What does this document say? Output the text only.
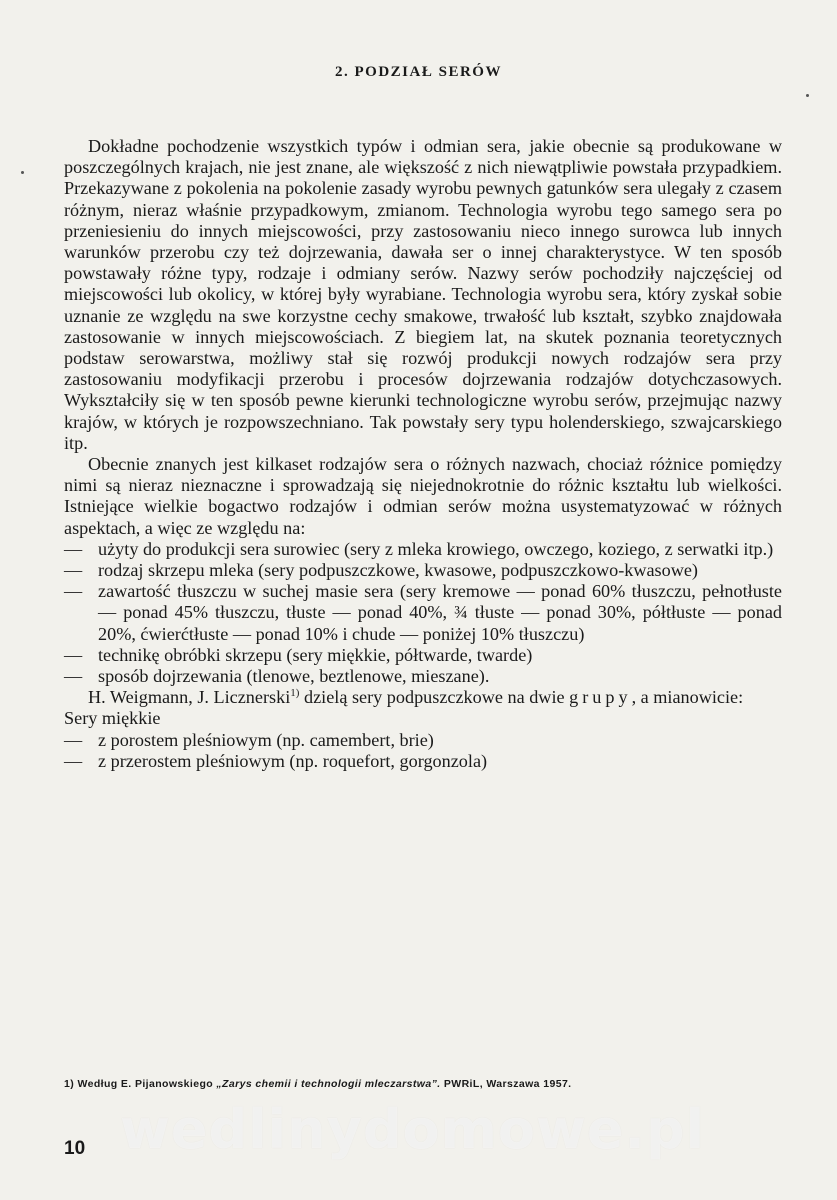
2. PODZIAŁ SERÓW

Dokładne pochodzenie wszystkich typów i odmian sera, jakie obecnie są produkowane w poszczególnych krajach, nie jest znane, ale większość z nich niewątpliwie powstała przypadkiem. Przekazywane z pokolenia na pokolenie zasady wyrobu pewnych gatunków sera ulegały z czasem różnym, nieraz właśnie przypadkowym, zmianom. Technologia wyrobu tego samego sera po przeniesieniu do innych miejscowości, przy zastosowaniu nieco innego surowca lub innych warunków przerobu czy też dojrzewania, dawała ser o innej charakterystyce. W ten sposób powstawały różne typy, rodzaje i odmiany serów. Nazwy serów pochodziły najczęściej od miejscowości lub okolicy, w której były wyrabiane. Technologia wyrobu sera, który zyskał sobie uznanie ze względu na swe korzystne cechy smakowe, trwałość lub kształt, szybko znajdowała zastosowanie w innych miejscowościach. Z biegiem lat, na skutek poznania teoretycznych podstaw serowarstwa, możliwy stał się rozwój produkcji nowych rodzajów sera przy zastosowaniu modyfikacji przerobu i procesów dojrzewania rodzajów dotychczasowych. Wykształciły się w ten sposób pewne kierunki technologiczne wyrobu serów, przejmując nazwy krajów, w których je rozpowszechniano. Tak powstały sery typu holenderskiego, szwajcarskiego itp.

Obecnie znanych jest kilkaset rodzajów sera o różnych nazwach, chociaż różnice pomiędzy nimi są nieraz nieznaczne i sprowadzają się niejednokrotnie do różnic kształtu lub wielkości. Istniejące wielkie bogactwo rodzajów i odmian serów można usystematyzować w różnych aspektach, a więc ze względu na:

— użyty do produkcji sera surowiec (sery z mleka krowiego, owczego, koziego, z serwatki itp.)
— rodzaj skrzepu mleka (sery podpuszczkowe, kwasowe, podpuszczkowo-kwasowe)
— zawartość tłuszczu w suchej masie sera (sery kremowe — ponad 60% tłuszczu, pełnotłuste — ponad 45% tłuszczu, tłuste — ponad 40%, ¾ tłuste — ponad 30%, półtłuste — ponad 20%, ćwierćtłuste — ponad 10% i chude — poniżej 10% tłuszczu)
— technikę obróbki skrzepu (sery miękkie, półtwarde, twarde)
— sposób dojrzewania (tlenowe, beztlenowe, mieszane).

H. Weigmann, J. Licznerski$^{1)}$ dzielą sery podpuszczkowe na dwie grupy, a mianowicie:

Sery miękkie
— z porostem pleśniowym (np. camembert, brie)
— z przerostem pleśniowym (np. roquefort, gorgonzola)
1) Według E. Pijanowskiego „Zarys chemii i technologii mleczarstwa”. PWRiL, Warszawa 1957.
wedlinydomowe.pl
10
